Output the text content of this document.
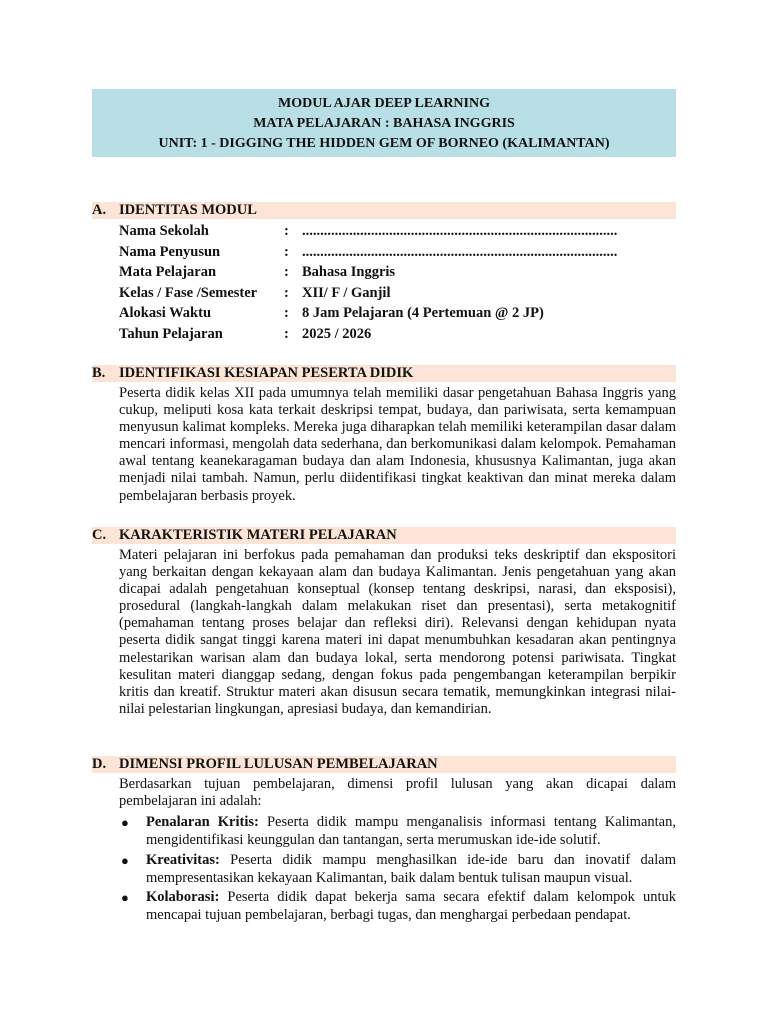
MODUL AJAR DEEP LEARNING
MATA PELAJARAN : BAHASA INGGRIS
UNIT: 1 - DIGGING THE HIDDEN GEM OF BORNEO (KALIMANTAN)
A. IDENTITAS MODUL
Nama Sekolah	: .......................................................................................
Nama Penyusun	: .......................................................................................
Mata Pelajaran	: Bahasa Inggris
Kelas / Fase /Semester : XII/ F / Ganjil
Alokasi Waktu	: 8 Jam Pelajaran (4 Pertemuan @ 2 JP)
Tahun Pelajaran	: 2025 / 2026
B. IDENTIFIKASI KESIAPAN PESERTA DIDIK
Peserta didik kelas XII pada umumnya telah memiliki dasar pengetahuan Bahasa Inggris yang cukup, meliputi kosa kata terkait deskripsi tempat, budaya, dan pariwisata, serta kemampuan menyusun kalimat kompleks. Mereka juga diharapkan telah memiliki keterampilan dasar dalam mencari informasi, mengolah data sederhana, dan berkomunikasi dalam kelompok. Pemahaman awal tentang keanekaragaman budaya dan alam Indonesia, khususnya Kalimantan, juga akan menjadi nilai tambah. Namun, perlu diidentifikasi tingkat keaktivan dan minat mereka dalam pembelajaran berbasis proyek.
C. KARAKTERISTIK MATERI PELAJARAN
Materi pelajaran ini berfokus pada pemahaman dan produksi teks deskriptif dan ekspositori yang berkaitan dengan kekayaan alam dan budaya Kalimantan. Jenis pengetahuan yang akan dicapai adalah pengetahuan konseptual (konsep tentang deskripsi, narasi, dan eksposisi), prosedural (langkah-langkah dalam melakukan riset dan presentasi), serta metakognitif (pemahaman tentang proses belajar dan refleksi diri). Relevansi dengan kehidupan nyata peserta didik sangat tinggi karena materi ini dapat menumbuhkan kesadaran akan pentingnya melestarikan warisan alam dan budaya lokal, serta mendorong potensi pariwisata. Tingkat kesulitan materi dianggap sedang, dengan fokus pada pengembangan keterampilan berpikir kritis dan kreatif. Struktur materi akan disusun secara tematik, memungkinkan integrasi nilai-nilai pelestarian lingkungan, apresiasi budaya, dan kemandirian.
D. DIMENSI PROFIL LULUSAN PEMBELAJARAN
Berdasarkan tujuan pembelajaran, dimensi profil lulusan yang akan dicapai dalam pembelajaran ini adalah:
● Penalaran Kritis: Peserta didik mampu menganalisis informasi tentang Kalimantan, mengidentifikasi keunggulan dan tantangan, serta merumuskan ide-ide solutif.
● Kreativitas: Peserta didik mampu menghasilkan ide-ide baru dan inovatif dalam mempresentasikan kekayaan Kalimantan, baik dalam bentuk tulisan maupun visual.
● Kolaborasi: Peserta didik dapat bekerja sama secara efektif dalam kelompok untuk mencapai tujuan pembelajaran, berbagi tugas, dan menghargai perbedaan pendapat.
